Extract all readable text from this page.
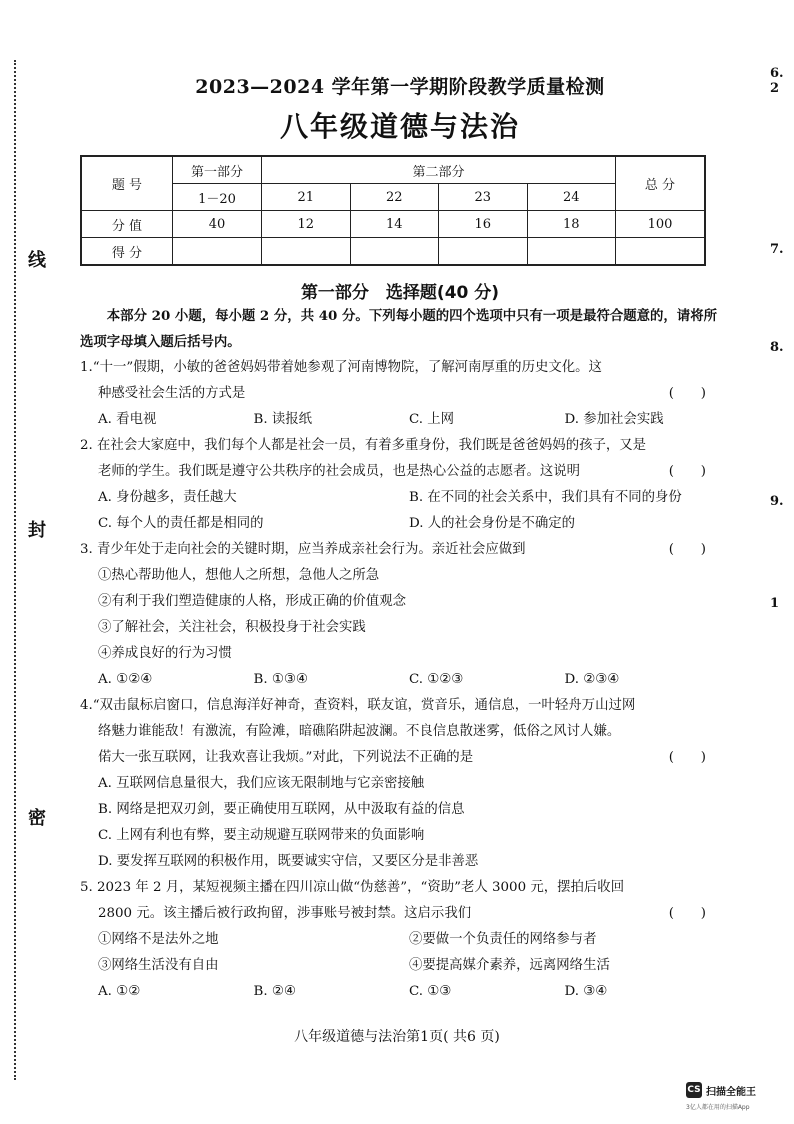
线
封
密
2023—2024 学年第一学期阶段教学质量检测
八年级道德与法治
题 号	第一部分	第二部分				总 分
	1－20	21	22	23	24	
分 值	40	12	14	16	18	100
得 分						
第一部分　选择题(40 分)
本部分 20 小题，每小题 2 分，共 40 分。下列每小题的四个选项中只有一项是最符合题意的，请将所选项字母填入题后括号内。
1.“十一”假期，小敏的爸爸妈妈带着她参观了河南博物院，了解河南厚重的历史文化。这
种感受社会生活的方式是	(　　)
A. 看电视	B. 读报纸	C. 上网	D. 参加社会实践
2. 在社会大家庭中，我们每个人都是社会一员，有着多重身份，我们既是爸爸妈妈的孩子，又是
老师的学生。我们既是遵守公共秩序的社会成员，也是热心公益的志愿者。这说明	(　　)
A. 身份越多，责任越大	B. 在不同的社会关系中，我们具有不同的身份
C. 每个人的责任都是相同的	D. 人的社会身份是不确定的
3. 青少年处于走向社会的关键时期，应当养成亲社会行为。亲近社会应做到	(　　)
①热心帮助他人，想他人之所想，急他人之所急
②有利于我们塑造健康的人格，形成正确的价值观念
③了解社会，关注社会，积极投身于社会实践
④养成良好的行为习惯
A. ①②④	B. ①③④	C. ①②③	D. ②③④
4.“双击鼠标启窗口，信息海洋好神奇，查资料，联友谊，赏音乐，通信息，一叶轻舟万山过网
络魅力谁能敌！有激流，有险滩，暗礁陷阱起波澜。不良信息散迷雾，低俗之风讨人嫌。
偌大一张互联网，让我欢喜让我烦。”对此，下列说法不正确的是	(　　)
A. 互联网信息量很大，我们应该无限制地与它亲密接触
B. 网络是把双刃剑，要正确使用互联网，从中汲取有益的信息
C. 上网有利也有弊，要主动规避互联网带来的负面影响
D. 要发挥互联网的积极作用，既要诚实守信，又要区分是非善恶
5. 2023 年 2 月，某短视频主播在四川凉山做“伪慈善”，“资助”老人 3000 元，摆拍后收回
2800 元。该主播后被行政拘留，涉事账号被封禁。这启示我们	(　　)
①网络不是法外之地	②要做一个负责任的网络参与者
③网络生活没有自由	④要提高媒介素养，远离网络生活
A. ①②	B. ②④	C. ①③	D. ③④
八年级道德与法治第1页( 共6 页)
6. 2
7.
8.
9.
1
CS 扫描全能王
3亿人都在用的扫描App
